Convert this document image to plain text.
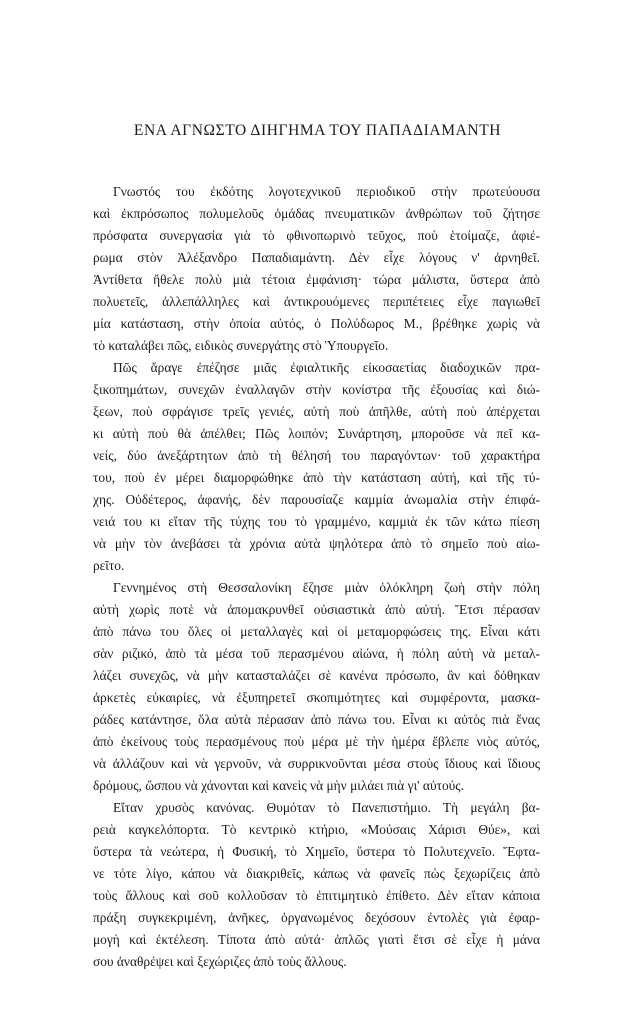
ΕΝΑ ΑΓΝΩΣΤΟ ΔΙΗΓΗΜΑ ΤΟΥ ΠΑΠΑΔΙΑΜΑΝΤΗ

Γνωστός του ἐκδότης λογοτεχνικοῦ περιοδικοῦ στὴν πρωτεύουσα
καὶ ἐκπρόσωπος πολυμελοῦς ὁμάδας πνευματικῶν ἀνθρώπων τοῦ ζήτησε
πρόσφατα συνεργασία γιὰ τὸ φθινοπωρινὸ τεῦχος, ποὺ ἑτοίμαζε, ἀφιέ-
ρωμα στὸν Ἀλέξανδρο Παπαδιαμάντη. Δὲν εἶχε λόγους ν' ἀρνηθεῖ.
Ἀντίθετα ἤθελε πολὺ μιὰ τέτοια ἐμφάνιση· τώρα μάλιστα, ὕστερα ἀπὸ
πολυετεῖς, ἀλλεπάλληλες καὶ ἀντικρουόμενες περιπέτειες εἶχε παγιωθεῖ
μία κατάσταση, στὴν ὁποία αὐτός, ὁ Πολύδωρος Μ., βρέθηκε χωρὶς νὰ
τὸ καταλάβει πῶς, ειδικὸς συνεργάτης στὸ Ὑπουργεῖο.

Πῶς ἄραγε ἐπέζησε μιᾶς ἐφιαλτικῆς εἰκοσαετίας διαδοχικῶν πρα-
ξικοπημάτων, συνεχῶν ἐναλλαγῶν στὴν κονίστρα τῆς ἐξουσίας καὶ διώ-
ξεων, ποὺ σφράγισε τρεῖς γενιές, αὐτὴ ποὺ ἀπῆλθε, αὐτὴ ποὺ ἀπέρχεται
κι αὐτὴ ποὺ θὰ ἀπέλθει; Πῶς λοιπόν; Συνάρτηση, μποροῦσε νὰ πεῖ κα-
νείς, δύο ἀνεξάρτητων ἀπὸ τὴ θέλησή του παραγόντων· τοῦ χαρακτήρα
του, ποὺ ἐν μέρει διαμορφώθηκε ἀπὸ τὴν κατάσταση αὐτή, καὶ τῆς τύ-
χης. Οὐδέτερος, ἀφανής, δὲν παρουσίαζε καμμία ἀνωμαλία στὴν ἐπιφά-
νειά του κι εἴταν τῆς τύχης του τὸ γραμμένο, καμμιὰ ἐκ τῶν κάτω πίεση
νὰ μὴν τὸν ἀνεβάσει τὰ χρόνια αὐτὰ ψηλότερα ἀπὸ τὸ σημεῖο ποὺ αἰω-
ρεῖτο.

Γεννημένος στὴ Θεσσαλονίκη ἔζησε μιὰν ὁλόκληρη ζωὴ στὴν πόλη
αὐτὴ χωρὶς ποτὲ νὰ ἀπομακρυνθεῖ οὐσιαστικὰ ἀπὸ αὐτή. Ἔτσι πέρασαν
ἀπὸ πάνω του ὅλες οἱ μεταλλαγὲς καὶ οἱ μεταμορφώσεις της. Εἶναι κάτι
σὰν ριζικό, ἀπὸ τὰ μέσα τοῦ περασμένου αἰώνα, ἡ πόλη αὐτὴ νὰ μεταλ-
λάζει συνεχῶς, νὰ μὴν κατασταλάζει σὲ κανένα πρόσωπο, ἂν καὶ δόθηκαν
ἀρκετὲς εὐκαιρίες, νὰ ἐξυπηρετεῖ σκοπιμότητες καὶ συμφέροντα, μασκα-
ράδες κατάντησε, ὅλα αὐτὰ πέρασαν ἀπὸ πάνω του. Εἶναι κι αὐτὸς πιὰ ἕνας
ἀπὸ ἐκείνους τοὺς περασμένους ποὺ μέρα μὲ τὴν ἡμέρα ἔβλεπε νιὸς αὐτός,
νὰ ἀλλάζουν καὶ νὰ γερνοῦν, νὰ συρρικνοῦνται μέσα στοὺς ἴδιους καὶ ἴδιους
δρόμους, ὥσπου νὰ χάνονται καὶ κανεὶς νὰ μὴν μιλάει πιὰ γι' αὐτούς.

Εἴταν χρυσὸς κανόνας. Θυμόταν τὸ Πανεπιστήμιο. Τὴ μεγάλη βα-
ρειὰ καγκελόπορτα. Τὸ κεντρικὸ κτήριο, «Μούσαις Χάρισι Θύε», καὶ
ὕστερα τὰ νεώτερα, ἡ Φυσική, τὸ Χημεῖο, ὕστερα τὸ Πολυτεχνεῖο. Ἔφτα-
νε τότε λίγο, κάπου νὰ διακριθεῖς, κάπως νὰ φανεῖς πὼς ξεχωρίζεις ἀπὸ
τοὺς ἄλλους καὶ σοῦ κολλοῦσαν τὸ ἐπιτιμητικὸ ἐπίθετο. Δὲν εἴταν κάποια
πράξη συγκεκριμένη, ἀνῆκες, ὀργανωμένος δεχόσουν ἐντολὲς γιὰ ἐφαρ-
μογὴ καὶ ἐκτέλεση. Τίποτα ἀπὸ αὐτά· ἁπλῶς γιατὶ ἔτσι σὲ εἶχε ἡ μάνα
σου ἀναθρέψει καὶ ξεχώριζες ἀπὸ τοὺς ἄλλους.
